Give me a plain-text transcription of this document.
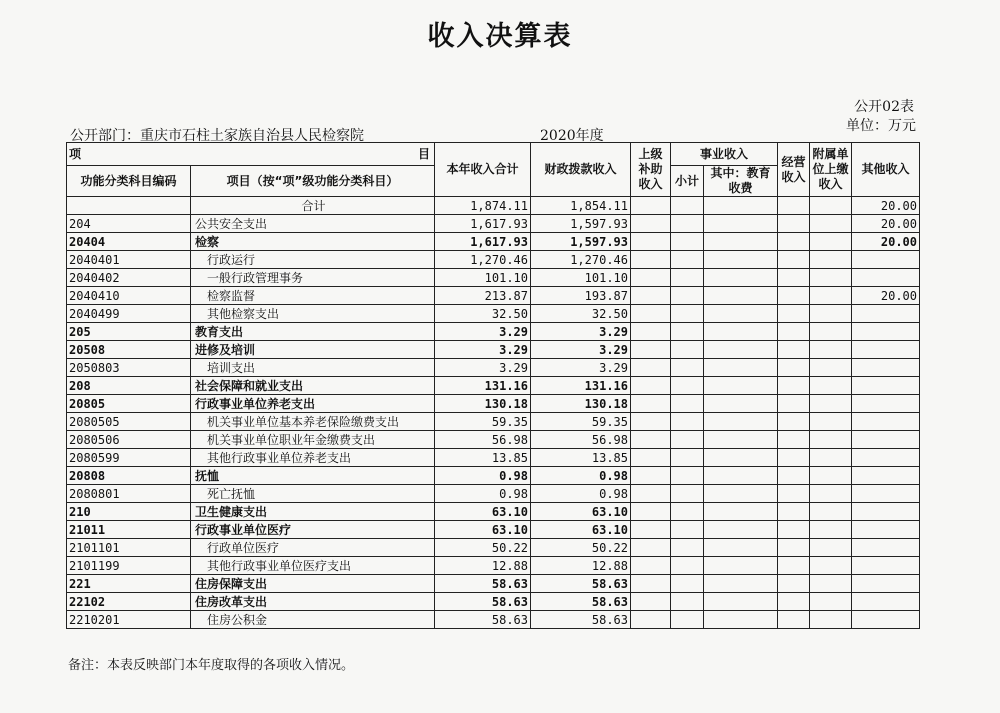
收入决算表
公开02表
单位：万元
公开部门：重庆市石柱土家族自治县人民检察院	2020年度
项 目		本年收入合计	财政拨款收入	上级补助收入	事业收入		经营收入	附属单位上缴收入	其他收入
功能分类科目编码	项目（按“项”级功能分类科目）				小计	其中：教育收费			

	合计	1,874.11	1,854.11						20.00
204	公共安全支出	1,617.93	1,597.93						20.00
20404	检察	1,617.93	1,597.93						20.00
2040401	行政运行	1,270.46	1,270.46						
2040402	一般行政管理事务	101.10	101.10						
2040410	检察监督	213.87	193.87						20.00
2040499	其他检察支出	32.50	32.50						
205	教育支出	3.29	3.29						
20508	进修及培训	3.29	3.29						
2050803	培训支出	3.29	3.29						
208	社会保障和就业支出	131.16	131.16						
20805	行政事业单位养老支出	130.18	130.18						
2080505	机关事业单位基本养老保险缴费支出	59.35	59.35						
2080506	机关事业单位职业年金缴费支出	56.98	56.98						
2080599	其他行政事业单位养老支出	13.85	13.85						
20808	抚恤	0.98	0.98						
2080801	死亡抚恤	0.98	0.98						
210	卫生健康支出	63.10	63.10						
21011	行政事业单位医疗	63.10	63.10						
2101101	行政单位医疗	50.22	50.22						
2101199	其他行政事业单位医疗支出	12.88	12.88						
221	住房保障支出	58.63	58.63						
22102	住房改革支出	58.63	58.63						
2210201	住房公积金	58.63	58.63						
备注：本表反映部门本年度取得的各项收入情况。
